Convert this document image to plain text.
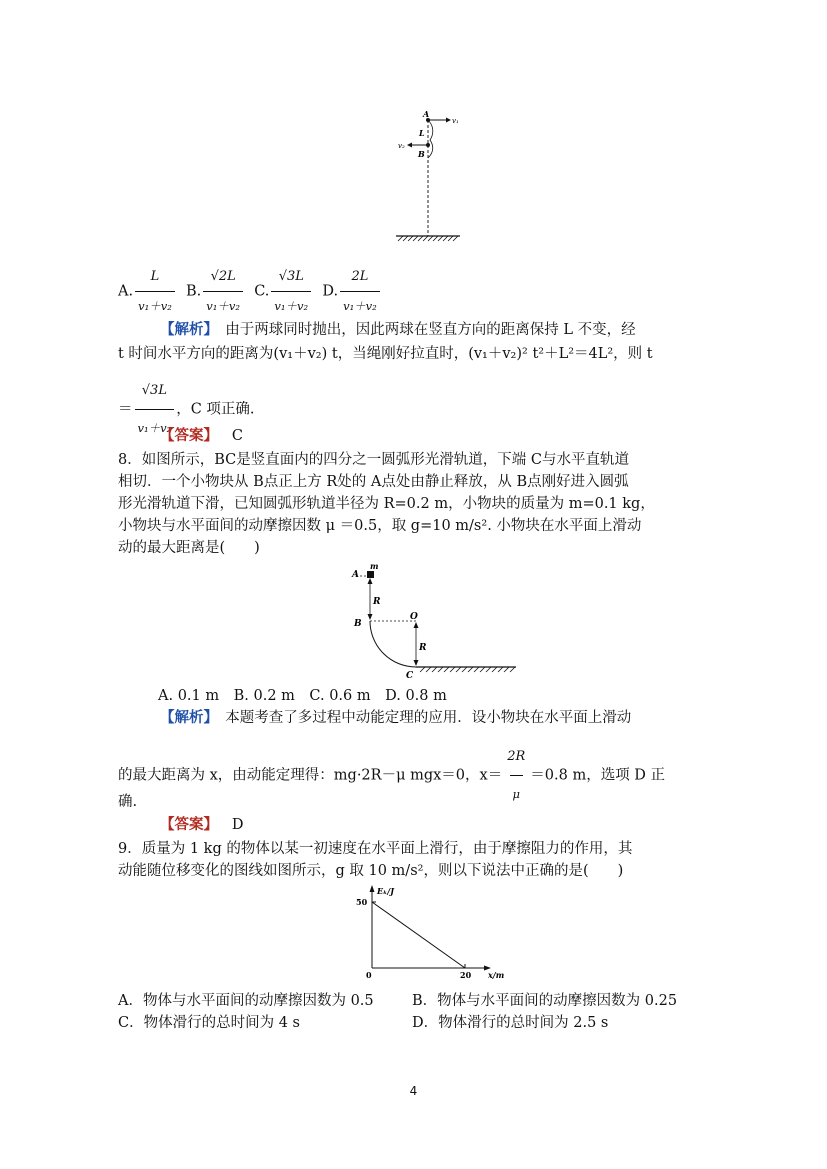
A
v₁
L
v₂
B
A. $\frac{L}{\text{v₁＋v₂}} B$. $\frac{√2L}{\text{v₁＋v₂}} C$. $\frac{√3L}{\text{v₁＋v₂}} D$. $\frac{2L}{\text{v₁＋v₂}}$
【解析】　由于两球同时抛出，因此两球在竖直方向的距离保持 L 不变，经
t 时间水平方向的距离为(v₁＋v₂) t，当绳刚好拉直时，(v₁＋v₂)² t²＋L²＝4L²，则 t
＝ $\frac{√3L}{\text{v₁＋v₂}}$ ，C 项正确.
【答案】 C
8．如图所示，BC是竖直面内的四分之一圆弧形光滑轨道，下端 C与水平直轨道
相切．一个小物块从 B点正上方 R处的 A点处由静止释放，从 B点刚好进入圆弧
形光滑轨道下滑，已知圆弧形轨道半径为 R=0.2 m，小物块的质量为 m=0.1 kg，
小物块与水平面间的动摩擦因数 μ ＝0.5，取 g=10 m/s². 小物块在水平面上滑动
动的最大距离是(　　)
A
m
R
B
O
R
C
A. 0.1 m　B. 0.2 m　C. 0.6 m　D. 0.8 m
【解析】　本题考查了多过程中动能定理的应用．设小物块在水平面上滑动
的最大距离为 x，由动能定理得：mg·2R－μ mgx＝0，$x= \frac{2R}{\mu} =0.8$ m，选项 D 正
确.
【答案】 D
9．质量为 1 kg 的物体以某一初速度在水平面上滑行，由于摩擦阻力的作用，其
动能随位移变化的图线如图所示，g 取 10 m/s²，则以下说法中正确的是(　　)
Eₖ/J
x/m
0
50
20
A．物体与水平面间的动摩擦因数为 0.5	B．物体与水平面间的动摩擦因数为 0.25
C．物体滑行的总时间为 4 s	D．物体滑行的总时间为 2.5 s
4
